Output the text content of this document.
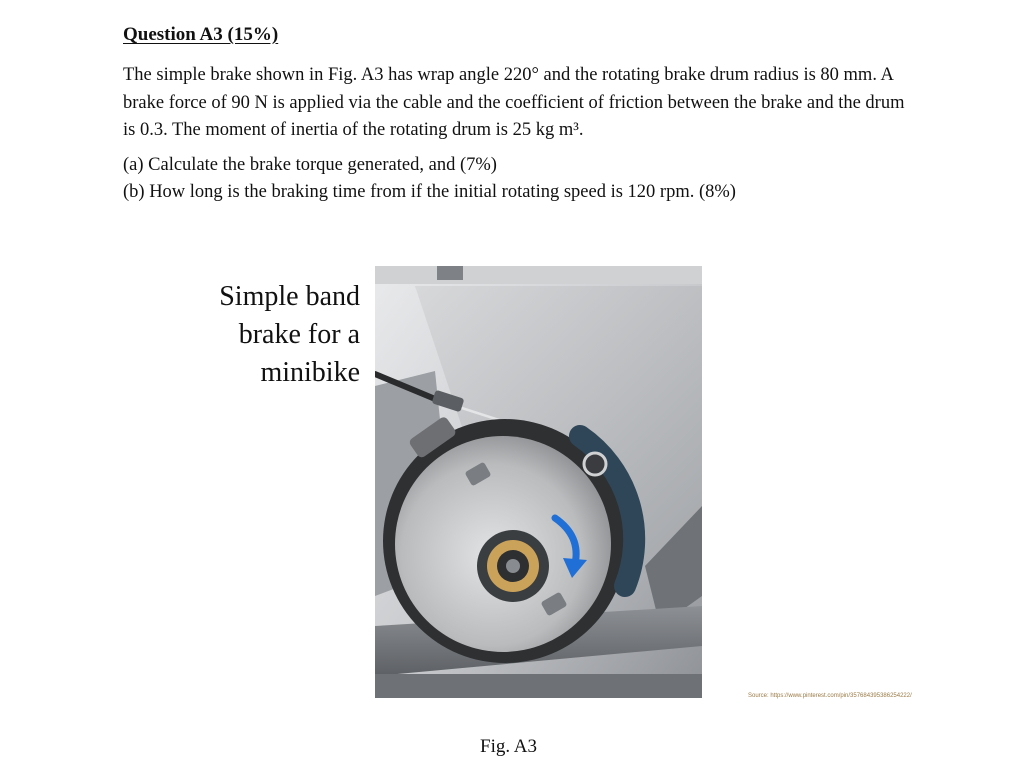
Question A3 (15%)

The simple brake shown in Fig. A3 has wrap angle 220° and the rotating brake drum radius is 80 mm. A brake force of 90 N is applied via the cable and the coefficient of friction between the brake and the drum is 0.3. The moment of inertia of the rotating drum is 25 kg m³.

(a) Calculate the brake torque generated, and (7%)
(b) How long is the braking time from if the initial rotating speed is 120 rpm. (8%)
Simple band
brake for a
minibike
Source: https://www.pinterest.com/pin/357684395386254222/

Fig. A3
